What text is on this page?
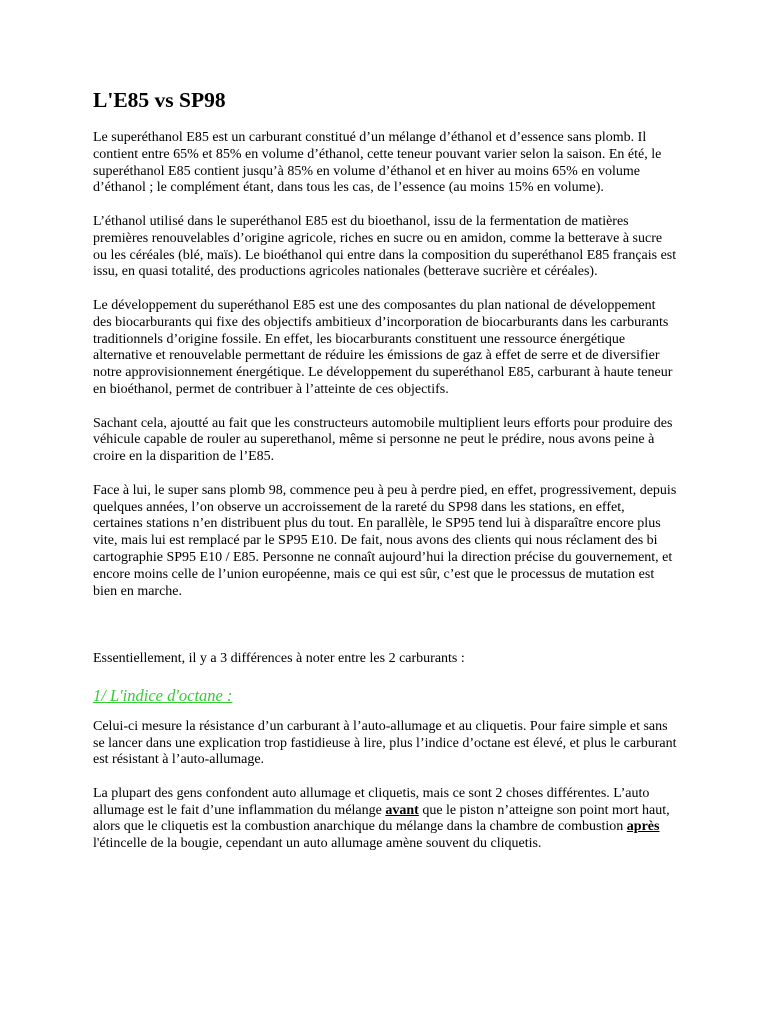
L'E85 vs SP98

Le superéthanol E85 est un carburant constitué d’un mélange d’éthanol et d’essence sans plomb. Il contient entre 65% et 85% en volume d’éthanol, cette teneur pouvant varier selon la saison. En été, le superéthanol E85 contient jusqu’à 85% en volume d’éthanol et en hiver au moins 65% en volume d’éthanol ; le complément étant, dans tous les cas, de l’essence (au moins 15% en volume).

L’éthanol utilisé dans le superéthanol E85 est du bioethanol, issu de la fermentation de matières premières renouvelables d’origine agricole, riches en sucre ou en amidon, comme la betterave à sucre ou les céréales (blé, maïs). Le bioéthanol qui entre dans la composition du superéthanol E85 français est issu, en quasi totalité, des productions agricoles nationales (betterave sucrière et céréales).

Le développement du superéthanol E85 est une des composantes du plan national de développement des biocarburants qui fixe des objectifs ambitieux d’incorporation de biocarburants dans les carburants traditionnels d’origine fossile. En effet, les biocarburants constituent une ressource énergétique alternative et renouvelable permettant de réduire les émissions de gaz à effet de serre et de diversifier notre approvisionnement énergétique. Le développement du superéthanol E85, carburant à haute teneur en bioéthanol, permet de contribuer à l’atteinte de ces objectifs.

Sachant cela, ajoutté au fait que les constructeurs automobile multiplient leurs efforts pour produire des véhicule capable de rouler au superethanol, même si personne ne peut le prédire, nous avons peine à croire en la disparition de l’E85.

Face à lui, le super sans plomb 98, commence peu à peu à perdre pied, en effet, progressivement, depuis quelques années, l’on observe un accroissement de la rareté du SP98 dans les stations, en effet, certaines stations n’en distribuent plus du tout. En parallèle, le SP95 tend lui à disparaître encore plus vite, mais lui est remplacé par le SP95 E10. De fait, nous avons des clients qui nous réclament des bi cartographie SP95 E10 / E85. Personne ne connaît aujourd’hui la direction précise du gouvernement, et encore moins celle de l’union européenne, mais ce qui est sûr, c’est que le processus de mutation est bien en marche.

Essentiellement, il y a 3 différences à noter entre les 2 carburants :

1/ L'indice d'octane :

Celui-ci mesure la résistance d’un carburant à l’auto-allumage et au cliquetis. Pour faire simple et sans se lancer dans une explication trop fastidieuse à lire, plus l’indice d’octane est élevé, et plus le carburant est résistant à l’auto-allumage.

La plupart des gens confondent auto allumage et cliquetis, mais ce sont 2 choses différentes. L’auto allumage est le fait d’une inflammation du mélange avant que le piston n’atteigne son point mort haut, alors que le cliquetis est la combustion anarchique du mélange dans la chambre de combustion après l'étincelle de la bougie, cependant un auto allumage amène souvent du cliquetis.
